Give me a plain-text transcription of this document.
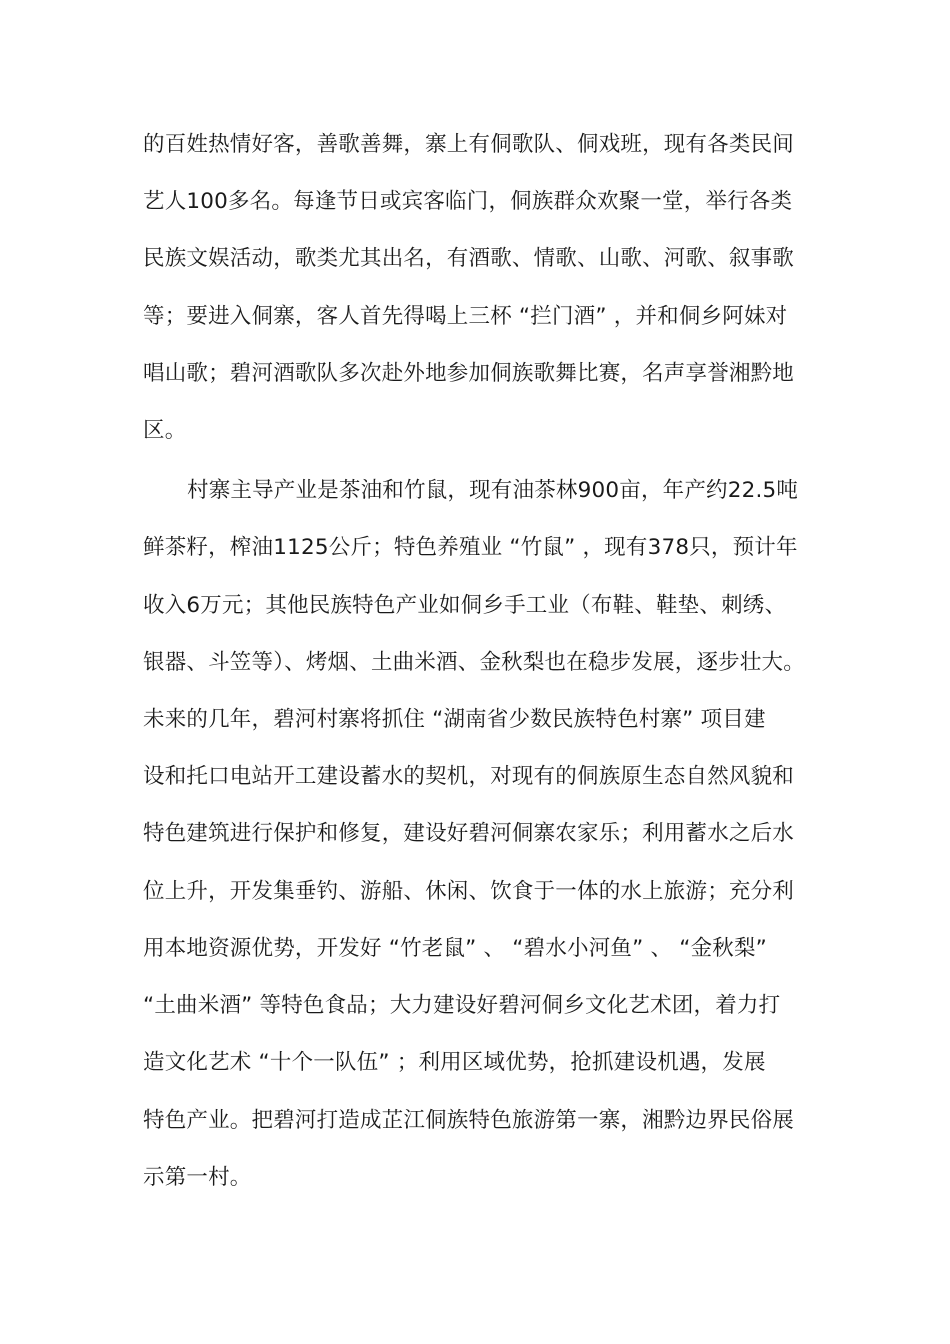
的百姓热情好客，善歌善舞，寨上有侗歌队、侗戏班，现有各类民间
艺人100多名。每逢节日或宾客临门，侗族群众欢聚一堂，举行各类
民族文娱活动，歌类尤其出名，有酒歌、情歌、山歌、河歌、叙事歌
等；要进入侗寨，客人首先得喝上三杯 “拦门酒” ，并和侗乡阿妹对
唱山歌；碧河酒歌队多次赴外地参加侗族歌舞比赛，名声享誉湘黔地
区。
村寨主导产业是茶油和竹鼠，现有油茶林900亩，年产约22.5吨
鲜茶籽，榨油1125公斤；特色养殖业 “竹鼠” ，现有378只，预计年
收入6万元；其他民族特色产业如侗乡手工业（布鞋、鞋垫、刺绣、
银器、斗笠等）、烤烟、土曲米酒、金秋梨也在稳步发展，逐步壮大。
未来的几年，碧河村寨将抓住 “湖南省少数民族特色村寨” 项目建
设和托口电站开工建设蓄水的契机，对现有的侗族原生态自然风貌和
特色建筑进行保护和修复，建设好碧河侗寨农家乐；利用蓄水之后水
位上升，开发集垂钓、游船、休闲、饮食于一体的水上旅游；充分利
用本地资源优势，开发好 “竹老鼠” 、 “碧水小河鱼” 、 “金秋梨”
“土曲米酒” 等特色食品；大力建设好碧河侗乡文化艺术团，着力打
造文化艺术 “十个一队伍” ；利用区域优势，抢抓建设机遇，发展
特色产业。把碧河打造成芷江侗族特色旅游第一寨，湘黔边界民俗展
示第一村。
